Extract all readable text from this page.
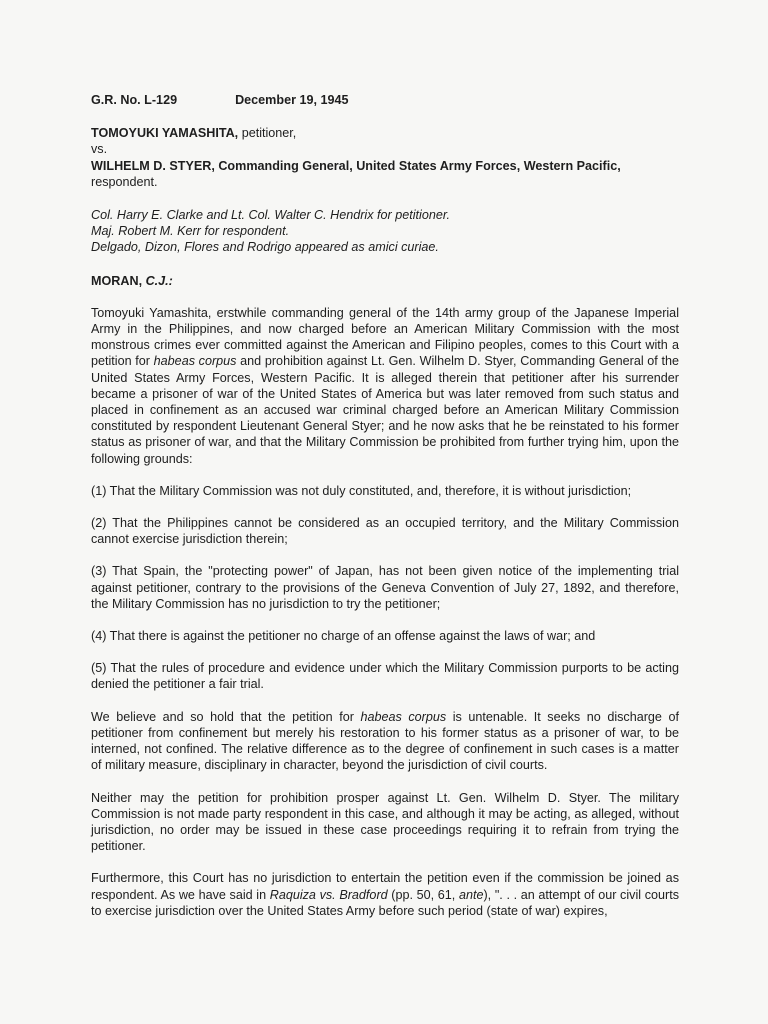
G.R. No. L-129	December 19, 1945

TOMOYUKI YAMASHITA, petitioner,

vs.

WILHELM D. STYER, Commanding General, United States Army Forces, Western Pacific, respondent.

Col. Harry E. Clarke and Lt. Col. Walter C. Hendrix for petitioner.

Maj. Robert M. Kerr for respondent.

Delgado, Dizon, Flores and Rodrigo appeared as amici curiae.

MORAN, C.J.:

Tomoyuki Yamashita, erstwhile commanding general of the 14th army group of the Japanese Imperial Army in the Philippines, and now charged before an American Military Commission with the most monstrous crimes ever committed against the American and Filipino peoples, comes to this Court with a petition for habeas corpus and prohibition against Lt. Gen. Wilhelm D. Styer, Commanding General of the United States Army Forces, Western Pacific. It is alleged therein that petitioner after his surrender became a prisoner of war of the United States of America but was later removed from such status and placed in confinement as an accused war criminal charged before an American Military Commission constituted by respondent Lieutenant General Styer; and he now asks that he be reinstated to his former status as prisoner of war, and that the Military Commission be prohibited from further trying him, upon the following grounds:

(1) That the Military Commission was not duly constituted, and, therefore, it is without jurisdiction;

(2) That the Philippines cannot be considered as an occupied territory, and the Military Commission cannot exercise jurisdiction therein;

(3) That Spain, the "protecting power" of Japan, has not been given notice of the implementing trial against petitioner, contrary to the provisions of the Geneva Convention of July 27, 1892, and therefore, the Military Commission has no jurisdiction to try the petitioner;

(4) That there is against the petitioner no charge of an offense against the laws of war; and

(5) That the rules of procedure and evidence under which the Military Commission purports to be acting denied the petitioner a fair trial.

We believe and so hold that the petition for habeas corpus is untenable. It seeks no discharge of petitioner from confinement but merely his restoration to his former status as a prisoner of war, to be interned, not confined. The relative difference as to the degree of confinement in such cases is a matter of military measure, disciplinary in character, beyond the jurisdiction of civil courts.

Neither may the petition for prohibition prosper against Lt. Gen. Wilhelm D. Styer. The military Commission is not made party respondent in this case, and although it may be acting, as alleged, without jurisdiction, no order may be issued in these case proceedings requiring it to refrain from trying the petitioner.

Furthermore, this Court has no jurisdiction to entertain the petition even if the commission be joined as respondent. As we have said in Raquiza vs. Bradford (pp. 50, 61, ante), ". . . an attempt of our civil courts to exercise jurisdiction over the United States Army before such period (state of war) expires,
